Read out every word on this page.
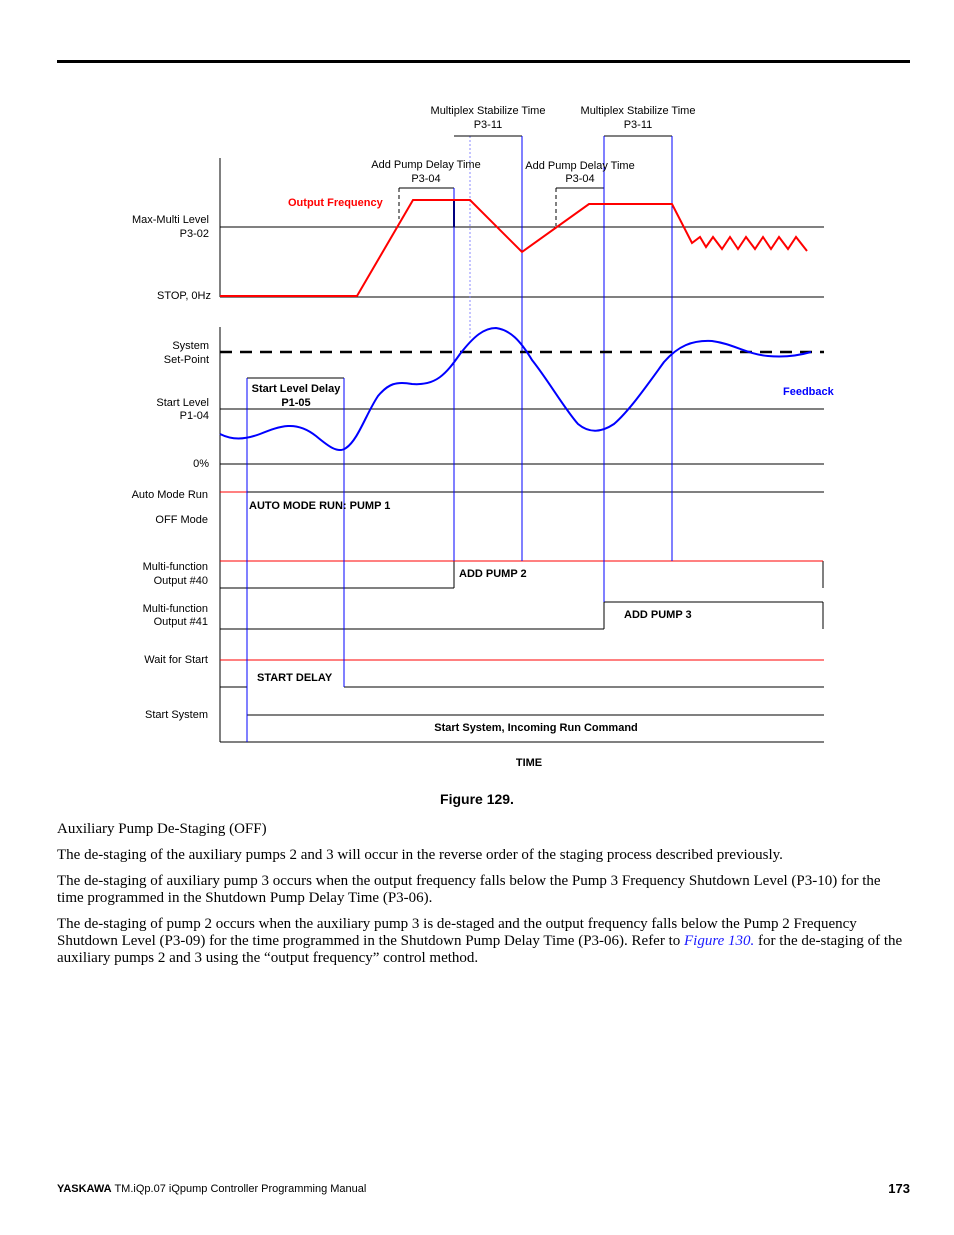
Multiplex Stabilize Time
P3-11
Multiplex Stabilize Time
P3-11
Add Pump Delay Time
P3-04
Add Pump Delay Time
P3-04
Max-Multi Level
P3-02
STOP, 0Hz
System
Set-Point
Start Level
P1-04
0%
Auto Mode Run
OFF Mode
Multi-function
Output #40
Multi-function
Output #41
Wait for Start
Start System
Output Frequency
Feedback
Start Level Delay
P1-05
AUTO MODE RUN: PUMP 1
ADD PUMP 2
ADD PUMP 3
START DELAY
Start System, Incoming Run Command
TIME
Figure 129.

Auxiliary Pump De-Staging (OFF)

The de-staging of the auxiliary pumps 2 and 3 will occur in the reverse order of the staging process described previously.

The de-staging of auxiliary pump 3 occurs when the output frequency falls below the Pump 3 Frequency Shutdown Level (P3-10) for the time programmed in the Shutdown Pump Delay Time (P3-06).

The de-staging of pump 2 occurs when the auxiliary pump 3 is de-staged and the output frequency falls below the Pump 2 Frequency Shutdown Level (P3-09) for the time programmed in the Shutdown Pump Delay Time (P3-06). Refer to Figure 130. for the de-staging of the auxiliary pumps 2 and 3 using the “output frequency” control method.

YASKAWA TM.iQp.07 iQpump Controller Programming Manual	173
